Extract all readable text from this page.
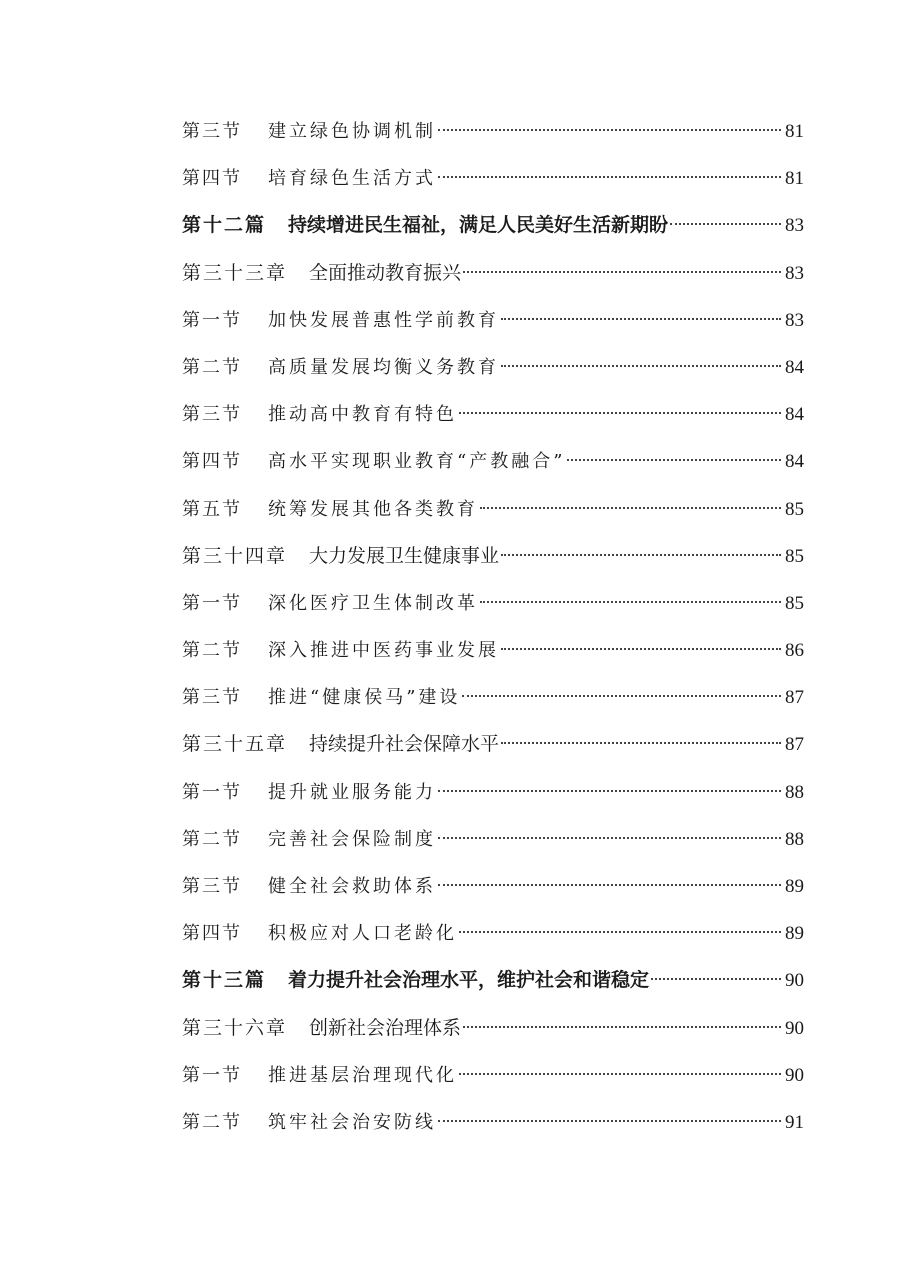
第三节 建立绿色协调机制	81
第四节 培育绿色生活方式	81
第十二篇 持续增进民生福祉，满足人民美好生活新期盼	83
第三十三章 全面推动教育振兴	83
第一节 加快发展普惠性学前教育	83
第二节 高质量发展均衡义务教育	84
第三节 推动高中教育有特色	84
第四节 高水平实现职业教育“产教融合”	84
第五节 统筹发展其他各类教育	85
第三十四章 大力发展卫生健康事业	85
第一节 深化医疗卫生体制改革	85
第二节 深入推进中医药事业发展	86
第三节 推进“健康侯马”建设	87
第三十五章 持续提升社会保障水平	87
第一节 提升就业服务能力	88
第二节 完善社会保险制度	88
第三节 健全社会救助体系	89
第四节 积极应对人口老龄化	89
第十三篇 着力提升社会治理水平，维护社会和谐稳定	90
第三十六章 创新社会治理体系	90
第一节 推进基层治理现代化	90
第二节 筑牢社会治安防线	91
